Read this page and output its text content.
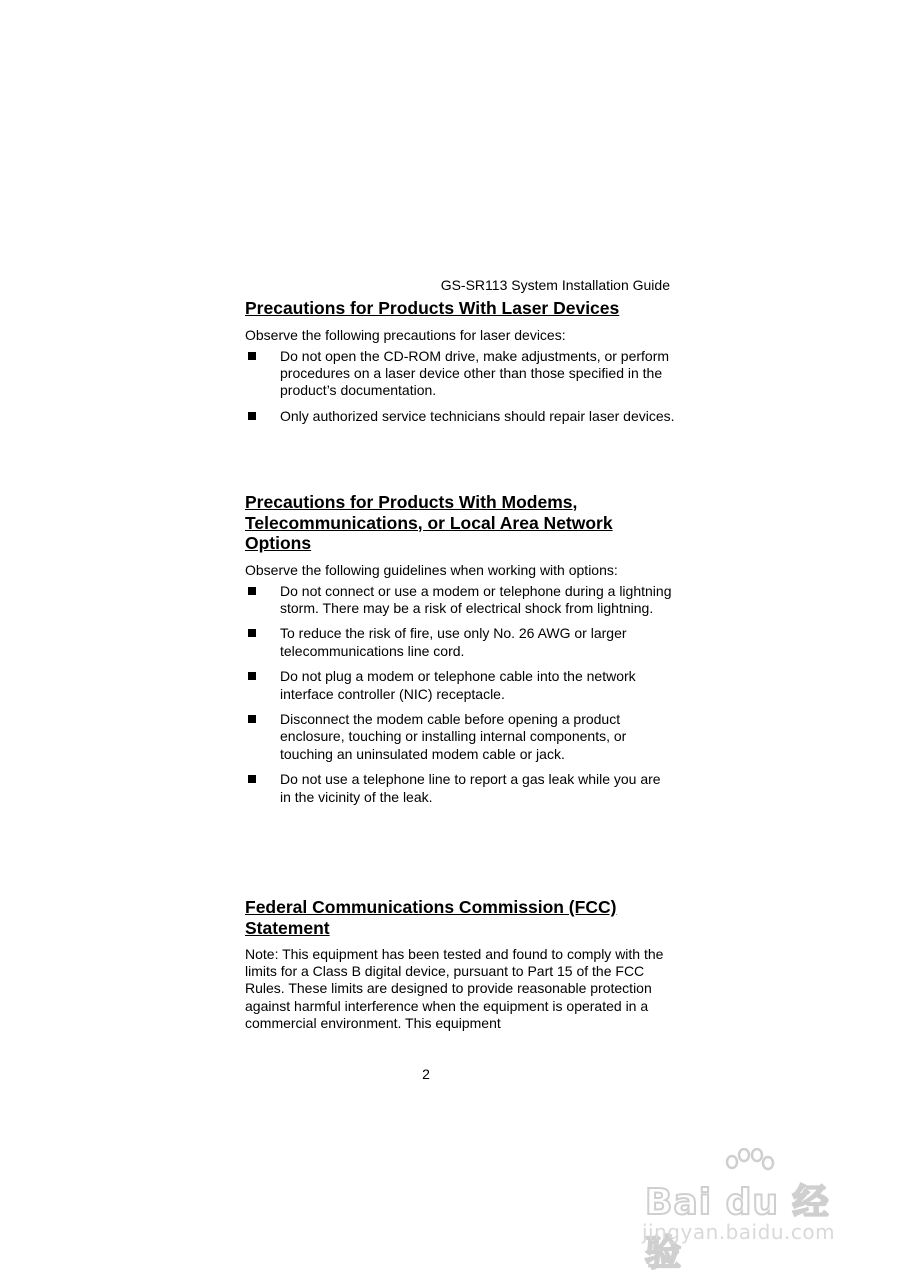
GS-SR113 System Installation Guide
Precautions for Products With Laser Devices

Observe the following precautions for laser devices:

Do not open the CD-ROM drive, make adjustments, or perform procedures on a laser device other than those specified in the product’s documentation.
Only authorized service technicians should repair laser devices.
Precautions for Products With Modems,
Telecommunications, or Local Area Network
Options

Observe the following guidelines when working with options:

Do not connect or use a modem or telephone during a lightning storm. There may be a risk of electrical shock from lightning.
To reduce the risk of fire, use only No. 26 AWG or larger telecommunications line cord.
Do not plug a modem or telephone cable into the network interface controller (NIC) receptacle.
Disconnect the modem cable before opening a product enclosure, touching or installing internal components, or touching an uninsulated modem cable or jack.
Do not use a telephone line to report a gas leak while you are in the vicinity of the leak.
Federal Communications Commission (FCC)
Statement

Note: This equipment has been tested and found to comply with the limits for a Class B digital device, pursuant to Part 15 of the FCC Rules. These limits are designed to provide reasonable protection against harmful interference when the equipment is operated in a commercial environment. This equipment

2
Bai du 经验
jingyan.baidu.com
